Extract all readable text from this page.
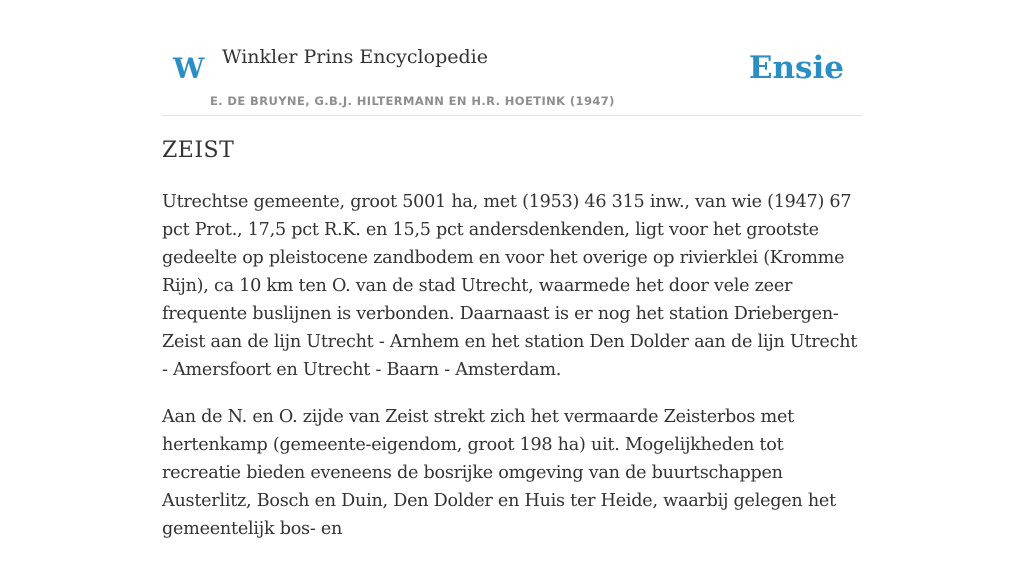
W Winkler Prins Encyclopedie
E. DE BRUYNE, G.B.J. HILTERMANN EN H.R. HOETINK (1947)
Ensie
ZEIST

Utrechtse gemeente, groot 5001 ha, met (1953) 46 315 inw., van wie (1947) 67 pct Prot., 17,5 pct R.K. en 15,5 pct andersdenkenden, ligt voor het grootste gedeelte op pleistocene zandbodem en voor het overige op rivierklei (Kromme Rijn), ca 10 km ten O. van de stad Utrecht, waarmede het door vele zeer frequente buslijnen is verbonden. Daarnaast is er nog het station Driebergen-Zeist aan de lijn Utrecht - Arnhem en het station Den Dolder aan de lijn Utrecht - Amersfoort en Utrecht - Baarn - Amsterdam.

Aan de N. en O. zijde van Zeist strekt zich het vermaarde Zeisterbos met hertenkamp (gemeente-eigendom, groot 198 ha) uit. Mogelijkheden tot recreatie bieden eveneens de bosrijke omgeving van de buurtschappen Austerlitz, Bosch en Duin, Den Dolder en Huis ter Heide, waarbij gelegen het gemeentelijk bos- en
